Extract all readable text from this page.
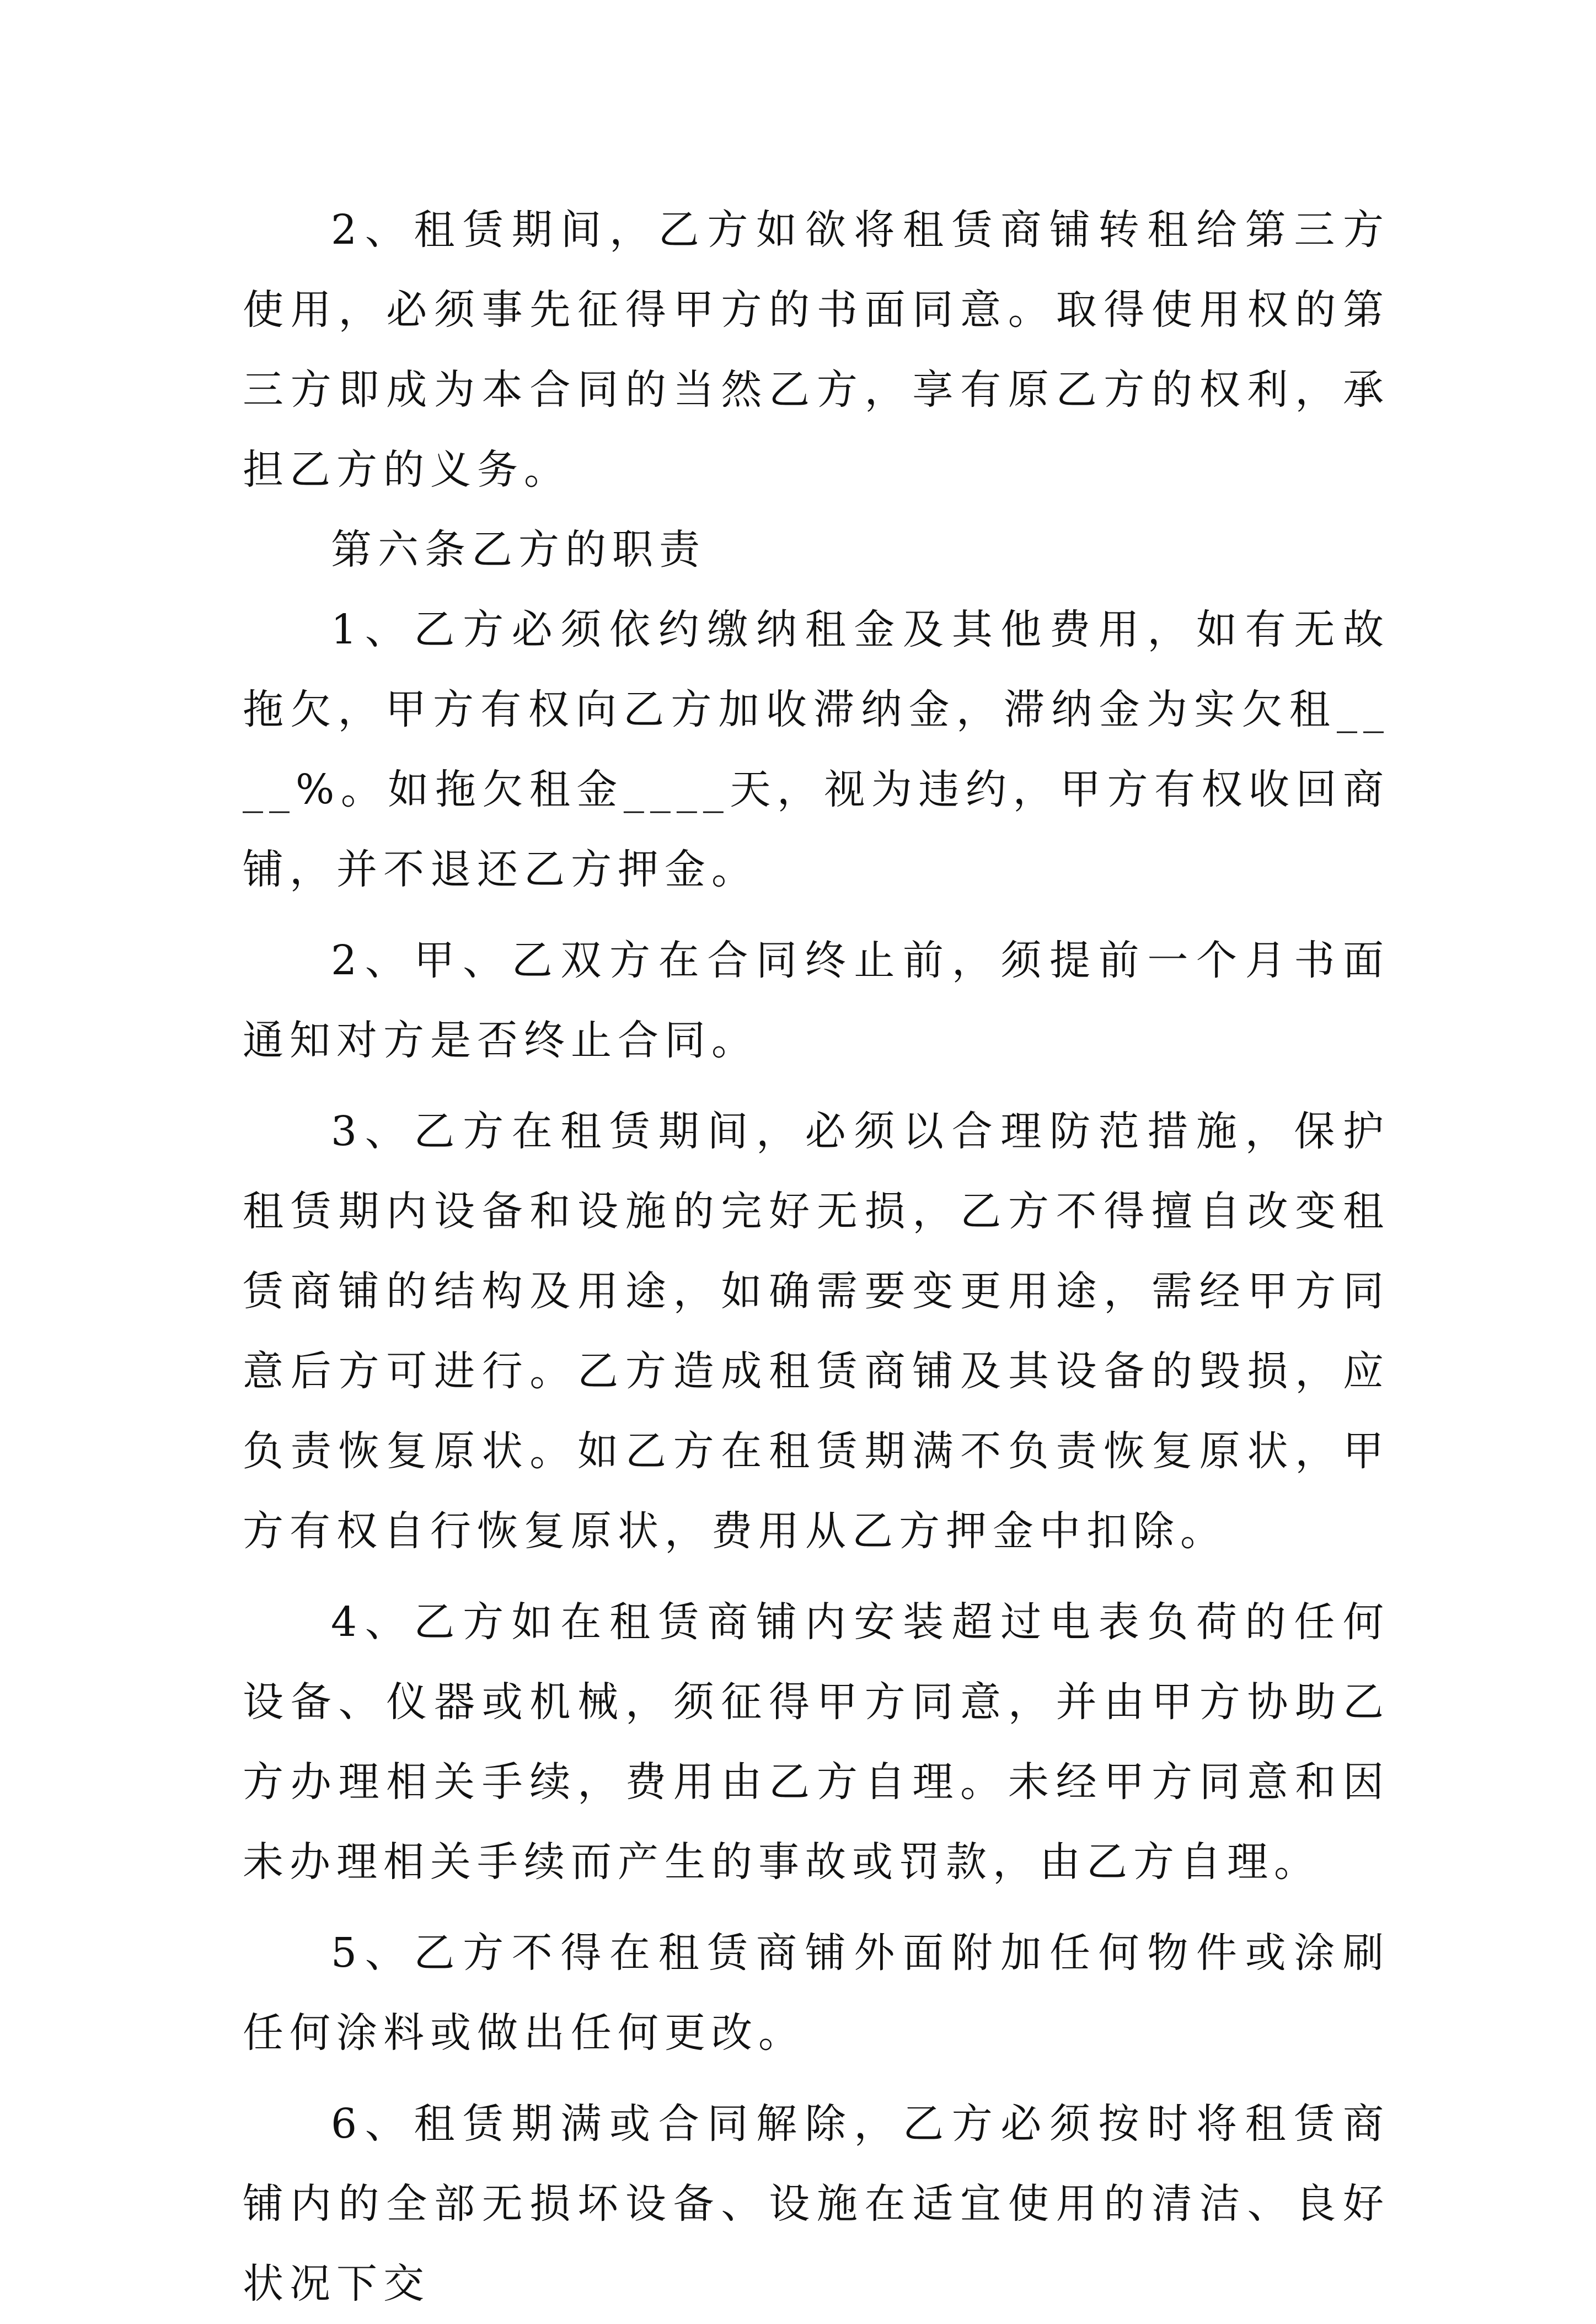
2、租赁期间，乙方如欲将租赁商铺转租给第三方使用，必须事先征得甲方的书面同意。取得使用权的第三方即成为本合同的当然乙方，享有原乙方的权利，承担乙方的义务。

第六条乙方的职责

1、乙方必须依约缴纳租金及其他费用，如有无故拖欠，甲方有权向乙方加收滞纳金，滞纳金为实欠租____%。如拖欠租金____天，视为违约，甲方有权收回商铺，并不退还乙方押金。

2、甲、乙双方在合同终止前，须提前一个月书面通知对方是否终止合同。

3、乙方在租赁期间，必须以合理防范措施，保护租赁期内设备和设施的完好无损，乙方不得擅自改变租赁商铺的结构及用途，如确需要变更用途，需经甲方同意后方可进行。乙方造成租赁商铺及其设备的毁损，应负责恢复原状。如乙方在租赁期满不负责恢复原状，甲方有权自行恢复原状，费用从乙方押金中扣除。

4、乙方如在租赁商铺内安装超过电表负荷的任何设备、仪器或机械，须征得甲方同意，并由甲方协助乙方办理相关手续，费用由乙方自理。未经甲方同意和因未办理相关手续而产生的事故或罚款，由乙方自理。

5、乙方不得在租赁商铺外面附加任何物件或涂刷任何涂料或做出任何更改。

6、租赁期满或合同解除，乙方必须按时将租赁商铺内的全部无损坏设备、设施在适宜使用的清洁、良好状况下交
